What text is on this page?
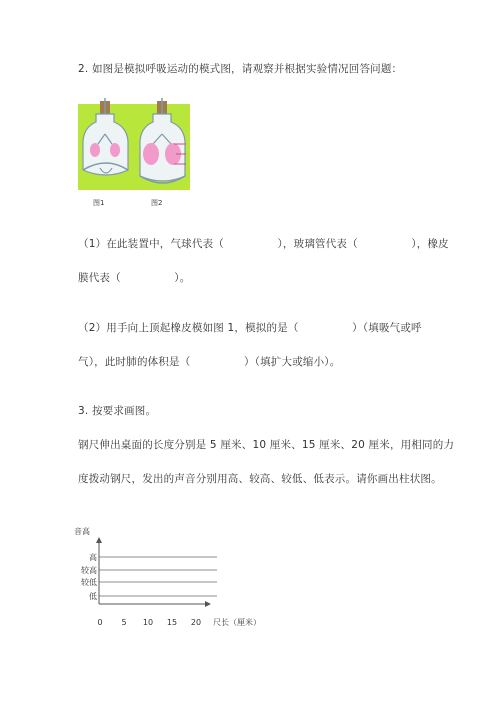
2. 如图是模拟呼吸运动的模式图，请观察并根据实验情况回答问题：
图1	图2
（1）在此装置中，气球代表（　　　　　），玻璃管代表（　　　　　），橡皮
膜代表（　　　　　）。
（2）用手向上顶起橡皮模如图 1，模拟的是（　　　　　）（填吸气或呼
气），此时肺的体积是（　　　　　）（填扩大或缩小）。
3. 按要求画图。
钢尺伸出桌面的长度分别是 5 厘米、10 厘米、15 厘米、20 厘米，用相同的力
度拨动钢尺，发出的声音分别用高、较高、较低、低表示。请你画出柱状图。
音高
高
较高
较低
低
0 5 10 15 20 尺长（厘米）
